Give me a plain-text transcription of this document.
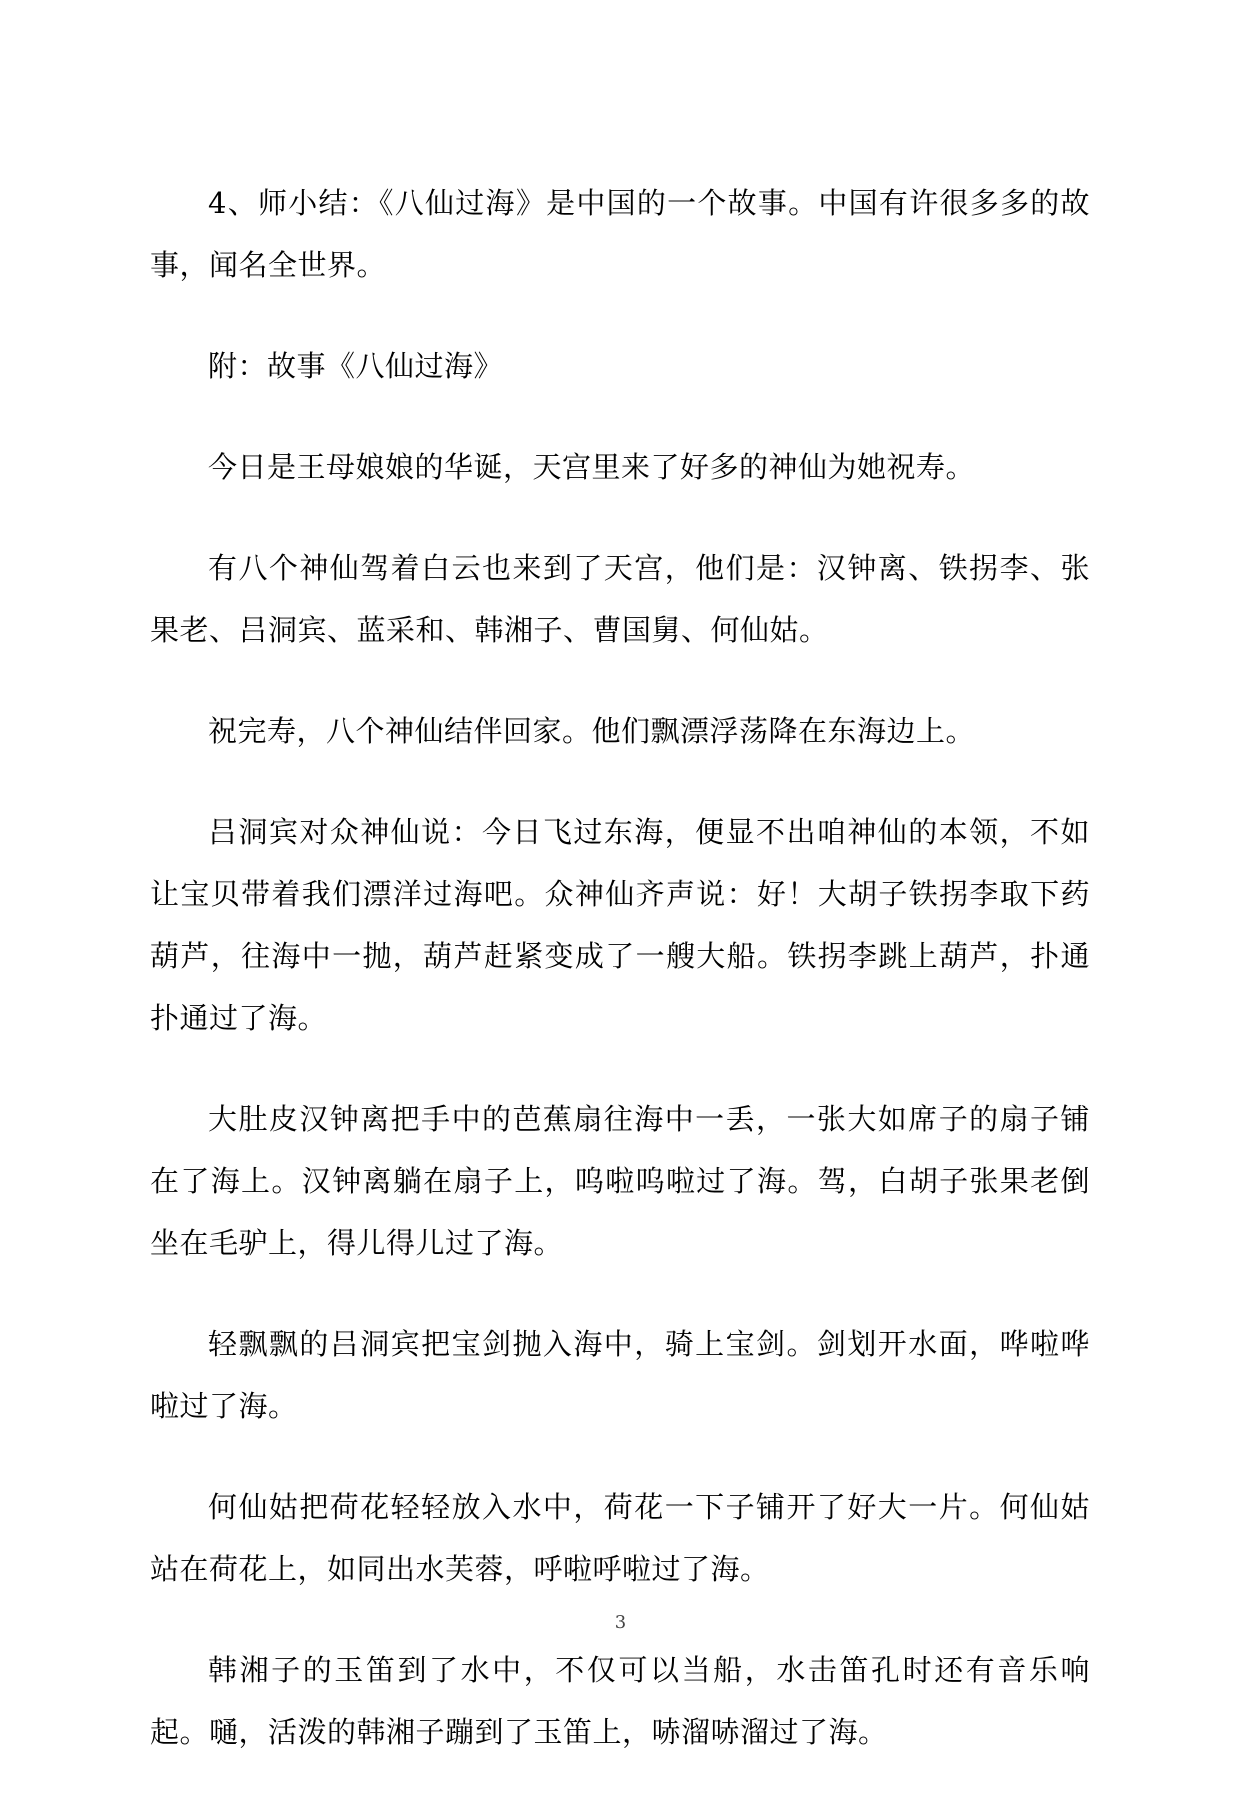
4、师小结：《八仙过海》是中国的一个故事。中国有许很多多的故事，闻名全世界。

附：故事《八仙过海》

今日是王母娘娘的华诞，天宫里来了好多的神仙为她祝寿。

有八个神仙驾着白云也来到了天宫，他们是：汉钟离、铁拐李、张果老、吕洞宾、蓝采和、韩湘子、曹国舅、何仙姑。

祝完寿，八个神仙结伴回家。他们飘漂浮荡降在东海边上。

吕洞宾对众神仙说：今日飞过东海，便显不出咱神仙的本领，不如让宝贝带着我们漂洋过海吧。众神仙齐声说：好！大胡子铁拐李取下药葫芦，往海中一抛，葫芦赶紧变成了一艘大船。铁拐李跳上葫芦，扑通扑通过了海。

大肚皮汉钟离把手中的芭蕉扇往海中一丢，一张大如席子的扇子铺在了海上。汉钟离躺在扇子上，呜啦呜啦过了海。驾，白胡子张果老倒坐在毛驴上，得儿得儿过了海。

轻飘飘的吕洞宾把宝剑抛入海中，骑上宝剑。剑划开水面，哗啦哗啦过了海。

何仙姑把荷花轻轻放入水中，荷花一下子铺开了好大一片。何仙姑站在荷花上，如同出水芙蓉，呼啦呼啦过了海。

韩湘子的玉笛到了水中，不仅可以当船，水击笛孔时还有音乐响起。嗵，活泼的韩湘子蹦到了玉笛上，哧溜哧溜过了海。

3
